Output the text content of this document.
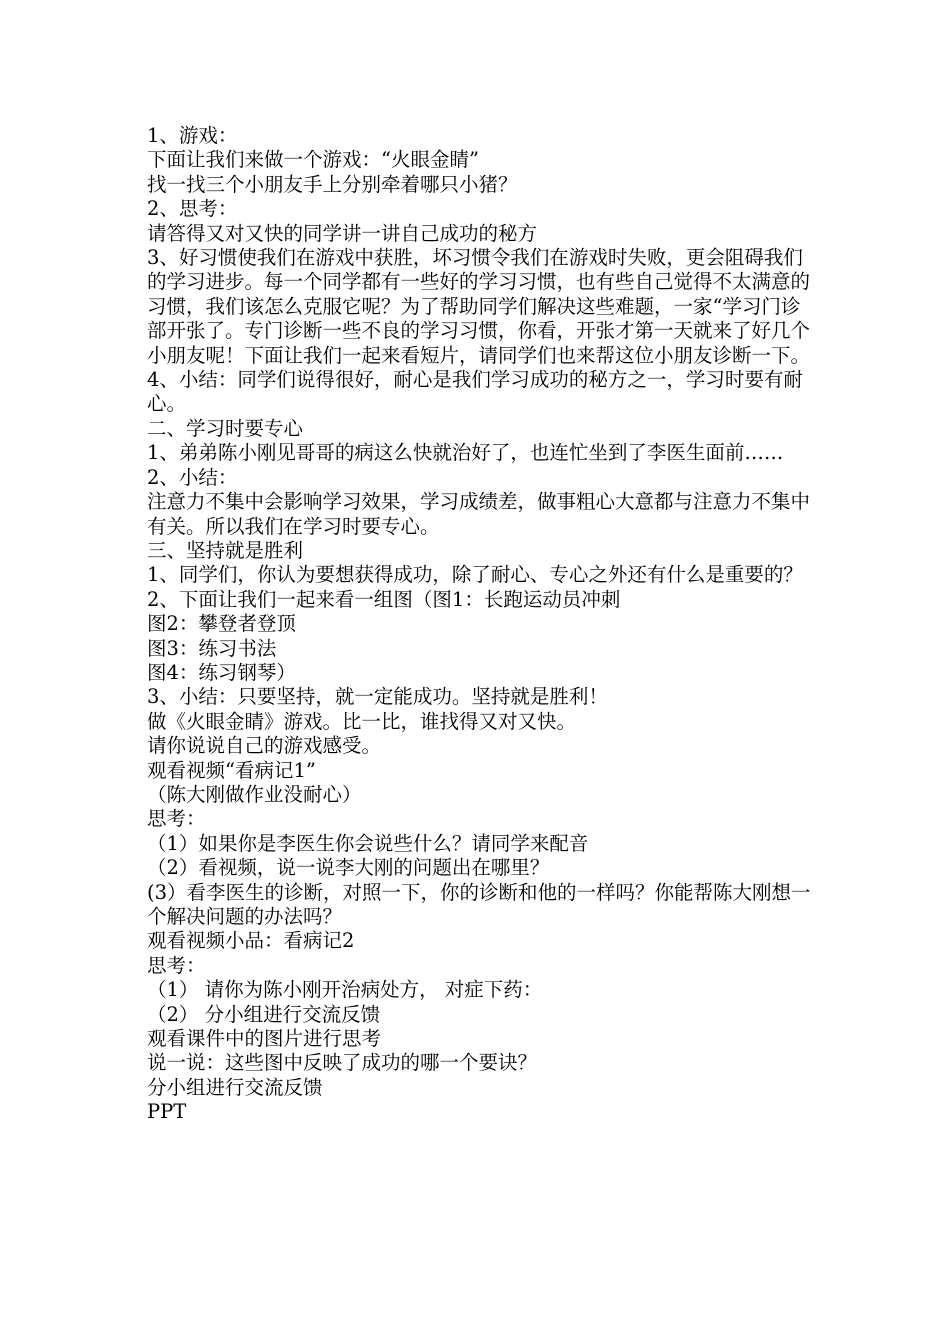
1、游戏：

下面让我们来做一个游戏：“火眼金睛”

找一找三个小朋友手上分别牵着哪只小猪？

2、思考：

请答得又对又快的同学讲一讲自己成功的秘方

3、好习惯使我们在游戏中获胜，坏习惯令我们在游戏时失败，更会阻碍我们的学习进步。每一个同学都有一些好的学习习惯，也有些自己觉得不太满意的习惯，我们该怎么克服它呢？为了帮助同学们解决这些难题，一家“学习门诊部开张了。专门诊断一些不良的学习习惯，你看，开张才第一天就来了好几个小朋友呢！下面让我们一起来看短片，请同学们也来帮这位小朋友诊断一下。

4、小结：同学们说得很好，耐心是我们学习成功的秘方之一，学习时要有耐心。

二、学习时要专心

1、弟弟陈小刚见哥哥的病这么快就治好了，也连忙坐到了李医生面前……

2、小结：

注意力不集中会影响学习效果，学习成绩差，做事粗心大意都与注意力不集中有关。所以我们在学习时要专心。

三、坚持就是胜利

1、同学们，你认为要想获得成功，除了耐心、专心之外还有什么是重要的？

2、下面让我们一起来看一组图（图1：长跑运动员冲刺

图2：攀登者登顶

图3：练习书法

图4：练习钢琴）

3、小结：只要坚持，就一定能成功。坚持就是胜利！

做《火眼金睛》游戏。比一比，谁找得又对又快。

请你说说自己的游戏感受。

观看视频“看病记1”

（陈大刚做作业没耐心）

思考：

（1）如果你是李医生你会说些什么？请同学来配音

（2）看视频，说一说李大刚的问题出在哪里？

(3）看李医生的诊断，对照一下，你的诊断和他的一样吗？你能帮陈大刚想一个解决问题的办法吗？

观看视频小品：看病记2

思考：

（1） 请你为陈小刚开治病处方， 对症下药：

（2） 分小组进行交流反馈

观看课件中的图片进行思考

说一说：这些图中反映了成功的哪一个要诀？

分小组进行交流反馈

PPT
